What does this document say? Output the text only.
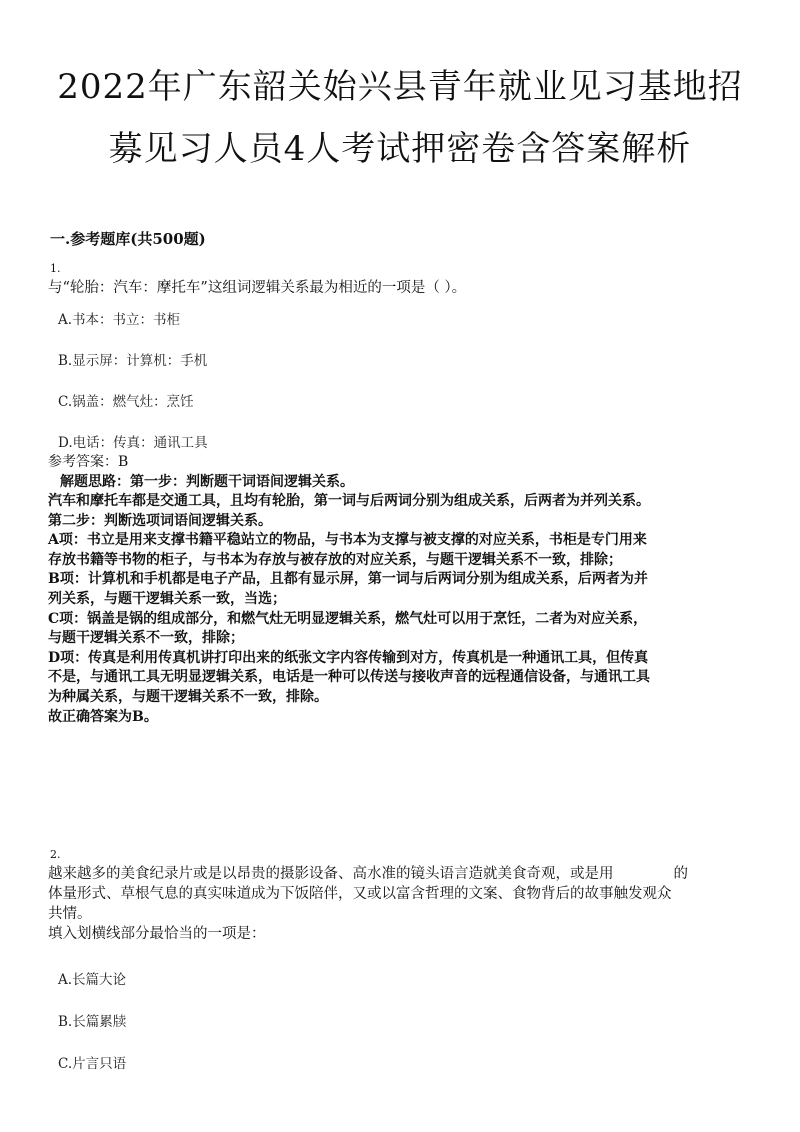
2022年广东韶关始兴县青年就业见习基地招

募见习人员4人考试押密卷含答案解析

一.参考题库(共500题)

1.

与“轮胎：汽车：摩托车”这组词逻辑关系最为相近的一项是（ ）。

A.书本：书立：书柜

B.显示屏：计算机：手机

C.锅盖：燃气灶：烹饪

D.电话：传真：通讯工具

参考答案：B

解题思路：第一步：判断题干词语间逻辑关系。

汽车和摩托车都是交通工具，且均有轮胎，第一词与后两词分别为组成关系，后两者为并列关系。

第二步：判断选项词语间逻辑关系。

A项：书立是用来支撑书籍平稳站立的物品，与书本为支撑与被支撑的对应关系，书柜是专门用来

存放书籍等书物的柜子，与书本为存放与被存放的对应关系，与题干逻辑关系不一致，排除；

B项：计算机和手机都是电子产品，且都有显示屏，第一词与后两词分别为组成关系，后两者为并

列关系，与题干逻辑关系一致，当选；

C项：锅盖是锅的组成部分，和燃气灶无明显逻辑关系，燃气灶可以用于烹饪，二者为对应关系，

与题干逻辑关系不一致，排除；

D项：传真是利用传真机讲打印出来的纸张文字内容传输到对方，传真机是一种通讯工具，但传真

不是，与通讯工具无明显逻辑关系，电话是一种可以传送与接收声音的远程通信设备，与通讯工具

为种属关系，与题干逻辑关系不一致，排除。

故正确答案为B。

2.

越来越多的美食纪录片或是以昂贵的摄影设备、高水准的镜头语言造就美食奇观，或是用	的

体量形式、草根气息的真实味道成为下饭陪伴，又或以富含哲理的文案、食物背后的故事触发观众

共情。

填入划横线部分最恰当的一项是：

A.长篇大论

B.长篇累牍

C.片言只语
